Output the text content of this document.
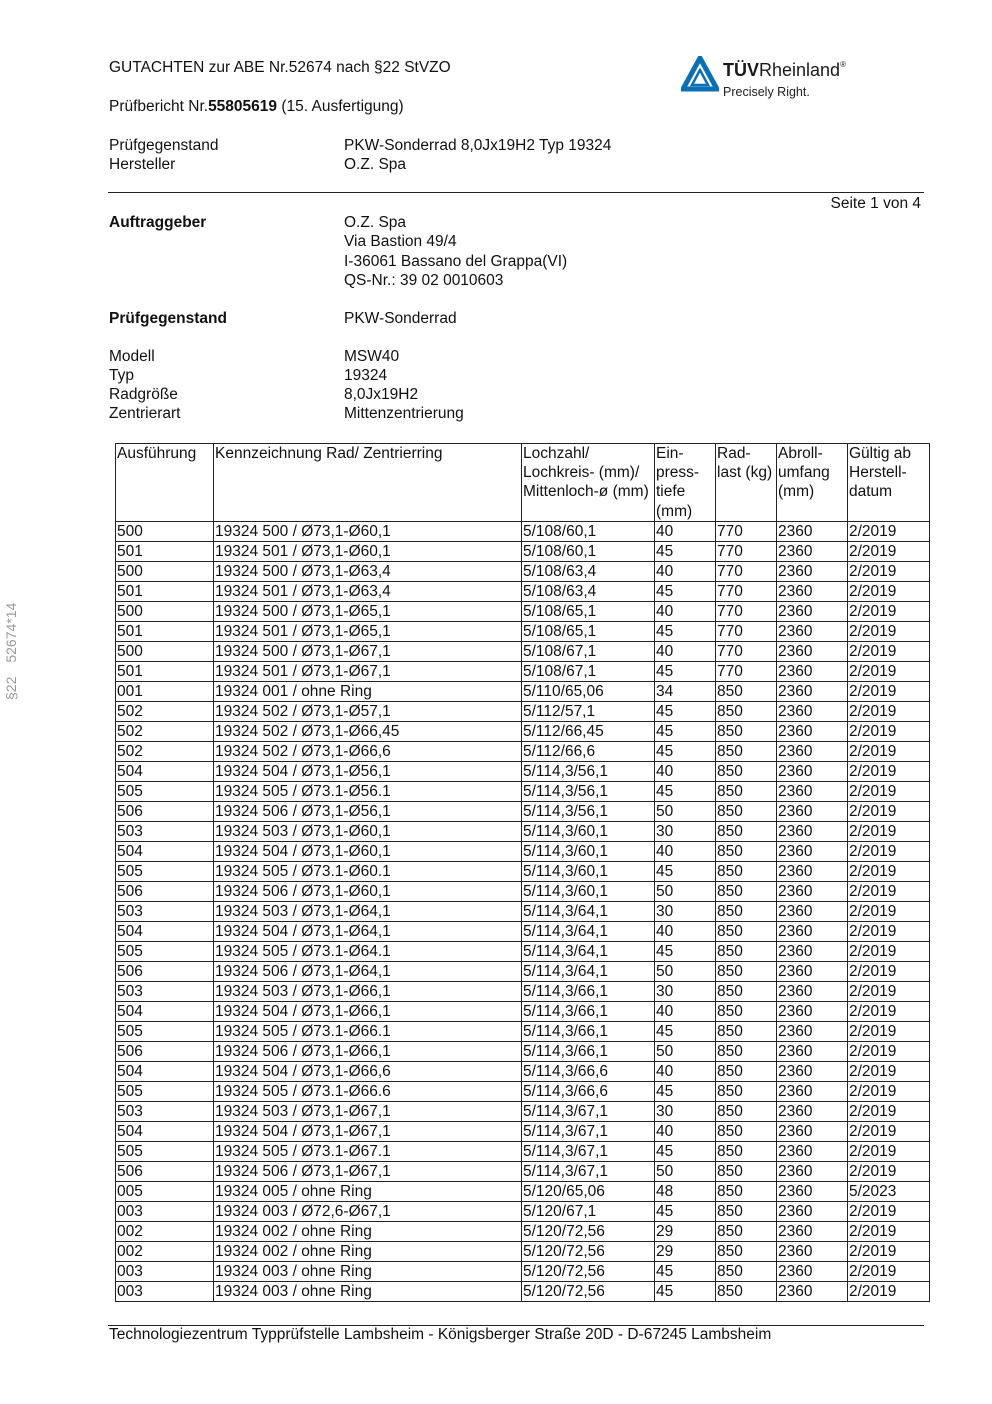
GUTACHTEN zur ABE Nr.52674 nach §22 StVZO
Prüfbericht Nr.55805619 (15. Ausfertigung)
TÜVRheinland®
Precisely Right.
Prüfgegenstand	PKW-Sonderrad 8,0Jx19H2 Typ 19324
Hersteller	O.Z. Spa
Seite 1 von 4
Auftraggeber	O.Z. Spa
Via Bastion 49/4
I-36061 Bassano del Grappa(VI)
QS-Nr.: 39 02 0010603
Prüfgegenstand	PKW-Sonderrad
Modell	MSW40
Typ	19324
Radgröße	8,0Jx19H2
Zentrierart	Mittenzentrierung
§2252674*14
Ausführung	Kennzeichnung Rad/ Zentrierring	Lochzahl/ Lochkreis- (mm)/ Mittenloch-ø (mm)	Ein- press- tiefe (mm)	Rad- last (kg)	Abroll- umfang (mm)	Gültig ab Herstell- datum
500	19324 500 / Ø73,1-Ø60,1	5/108/60,1	40	770	2360	2/2019
501	19324 501 / Ø73,1-Ø60,1	5/108/60,1	45	770	2360	2/2019
500	19324 500 / Ø73,1-Ø63,4	5/108/63,4	40	770	2360	2/2019
501	19324 501 / Ø73,1-Ø63,4	5/108/63,4	45	770	2360	2/2019
500	19324 500 / Ø73,1-Ø65,1	5/108/65,1	40	770	2360	2/2019
501	19324 501 / Ø73,1-Ø65,1	5/108/65,1	45	770	2360	2/2019
500	19324 500 / Ø73,1-Ø67,1	5/108/67,1	40	770	2360	2/2019
501	19324 501 / Ø73,1-Ø67,1	5/108/67,1	45	770	2360	2/2019
001	19324 001 / ohne Ring	5/110/65,06	34	850	2360	2/2019
502	19324 502 / Ø73,1-Ø57,1	5/112/57,1	45	850	2360	2/2019
502	19324 502 / Ø73,1-Ø66,45	5/112/66,45	45	850	2360	2/2019
502	19324 502 / Ø73,1-Ø66,6	5/112/66,6	45	850	2360	2/2019
504	19324 504 / Ø73,1-Ø56,1	5/114,3/56,1	40	850	2360	2/2019
505	19324 505 / Ø73.1-Ø56.1	5/114,3/56,1	45	850	2360	2/2019
506	19324 506 / Ø73,1-Ø56,1	5/114,3/56,1	50	850	2360	2/2019
503	19324 503 / Ø73,1-Ø60,1	5/114,3/60,1	30	850	2360	2/2019
504	19324 504 / Ø73,1-Ø60,1	5/114,3/60,1	40	850	2360	2/2019
505	19324 505 / Ø73.1-Ø60.1	5/114,3/60,1	45	850	2360	2/2019
506	19324 506 / Ø73,1-Ø60,1	5/114,3/60,1	50	850	2360	2/2019
503	19324 503 / Ø73,1-Ø64,1	5/114,3/64,1	30	850	2360	2/2019
504	19324 504 / Ø73,1-Ø64,1	5/114,3/64,1	40	850	2360	2/2019
505	19324 505 / Ø73.1-Ø64.1	5/114,3/64,1	45	850	2360	2/2019
506	19324 506 / Ø73,1-Ø64,1	5/114,3/64,1	50	850	2360	2/2019
503	19324 503 / Ø73,1-Ø66,1	5/114,3/66,1	30	850	2360	2/2019
504	19324 504 / Ø73,1-Ø66,1	5/114,3/66,1	40	850	2360	2/2019
505	19324 505 / Ø73.1-Ø66.1	5/114,3/66,1	45	850	2360	2/2019
506	19324 506 / Ø73,1-Ø66,1	5/114,3/66,1	50	850	2360	2/2019
504	19324 504 / Ø73,1-Ø66,6	5/114,3/66,6	40	850	2360	2/2019
505	19324 505 / Ø73.1-Ø66.6	5/114,3/66,6	45	850	2360	2/2019
503	19324 503 / Ø73,1-Ø67,1	5/114,3/67,1	30	850	2360	2/2019
504	19324 504 / Ø73,1-Ø67,1	5/114,3/67,1	40	850	2360	2/2019
505	19324 505 / Ø73.1-Ø67.1	5/114,3/67,1	45	850	2360	2/2019
506	19324 506 / Ø73,1-Ø67,1	5/114,3/67,1	50	850	2360	2/2019
005	19324 005 / ohne Ring	5/120/65,06	48	850	2360	5/2023
003	19324 003 / Ø72,6-Ø67,1	5/120/67,1	45	850	2360	2/2019
002	19324 002 / ohne Ring	5/120/72,56	29	850	2360	2/2019
002	19324 002 / ohne Ring	5/120/72,56	29	850	2360	2/2019
003	19324 003 / ohne Ring	5/120/72,56	45	850	2360	2/2019
003	19324 003 / ohne Ring	5/120/72,56	45	850	2360	2/2019
Technologiezentrum Typprüfstelle Lambsheim - Königsberger Straße 20D - D-67245 Lambsheim
